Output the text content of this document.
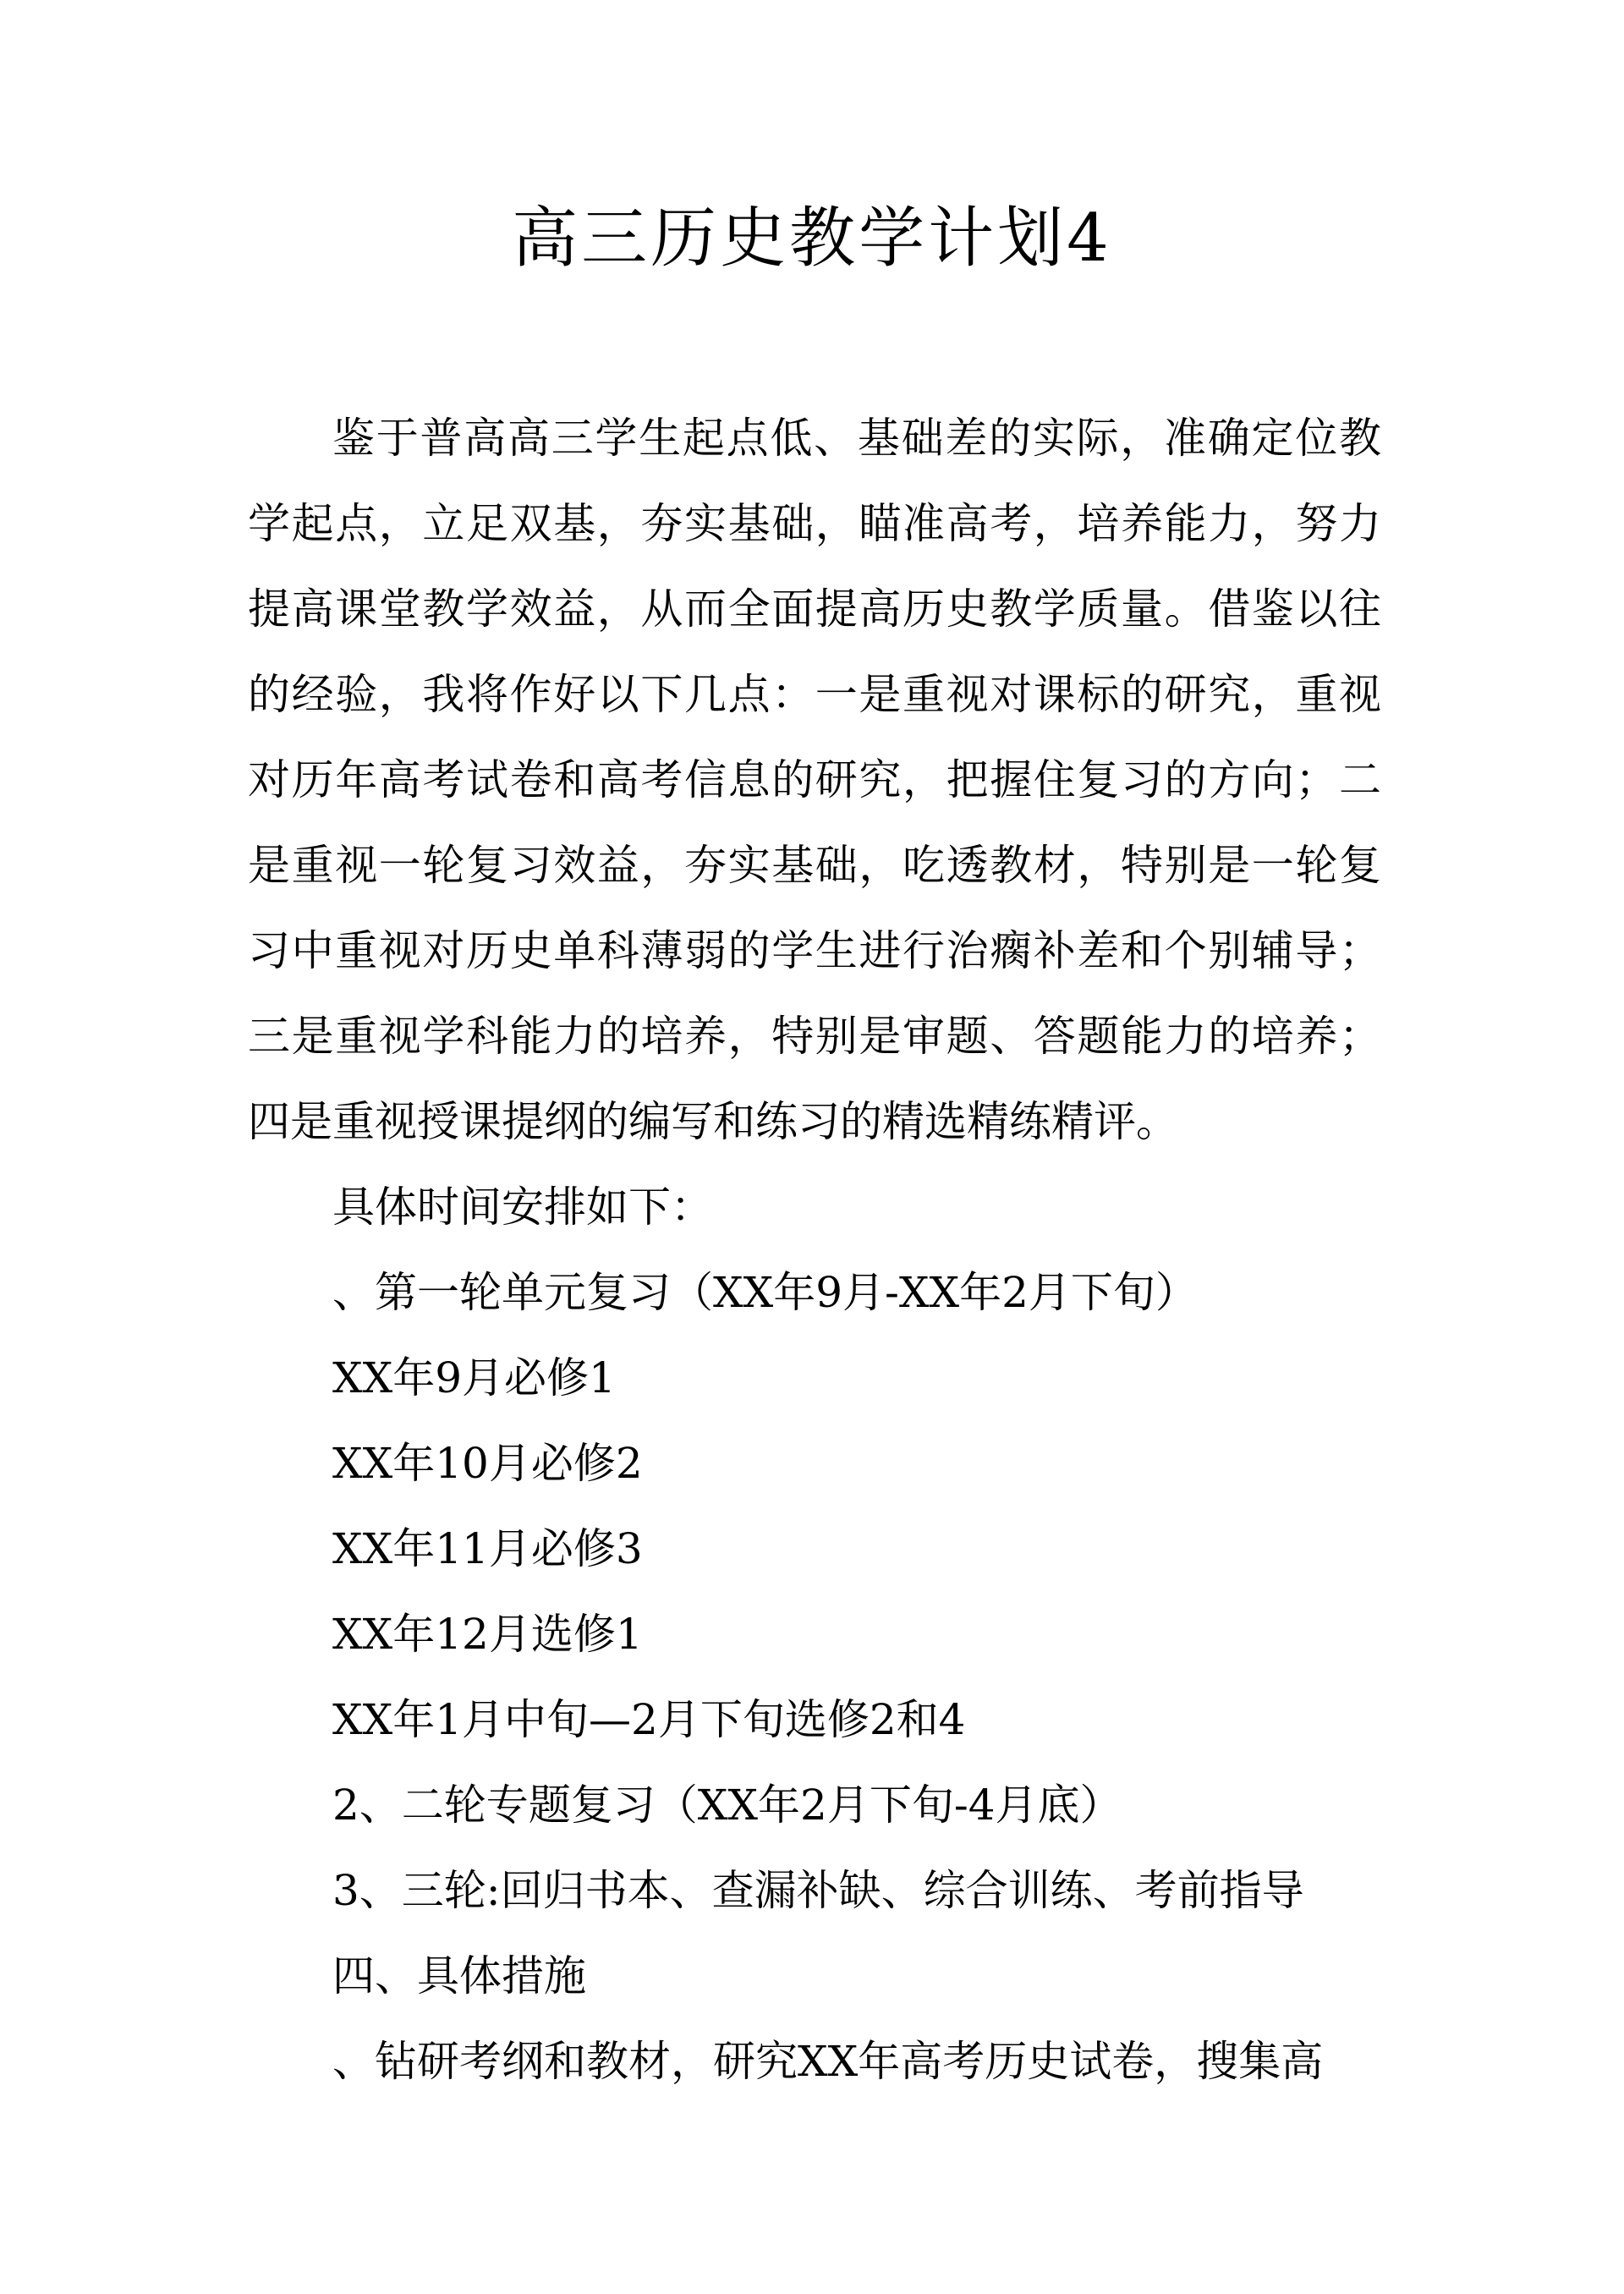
高三历史教学计划4

鉴于普高高三学生起点低、基础差的实际，准确定位教学起点，立足双基，夯实基础，瞄准高考，培养能力，努力提高课堂教学效益，从而全面提高历史教学质量。借鉴以往的经验，我将作好以下几点：一是重视对课标的研究，重视对历年高考试卷和高考信息的研究，把握住复习的方向；二是重视一轮复习效益，夯实基础，吃透教材，特别是一轮复习中重视对历史单科薄弱的学生进行治瘸补差和个别辅导；三是重视学科能力的培养，特别是审题、答题能力的培养；四是重视授课提纲的编写和练习的精选精练精评。

具体时间安排如下：

、第一轮单元复习（XX年9月-XX年2月下旬）

XX年9月必修1

XX年10月必修2

XX年11月必修3

XX年12月选修1

XX年1月中旬—2月下旬选修2和4

2、二轮专题复习（XX年2月下旬-4月底）

3、三轮:回归书本、查漏补缺、综合训练、考前指导

四、具体措施

、钻研考纲和教材，研究XX年高考历史试卷，搜集高
